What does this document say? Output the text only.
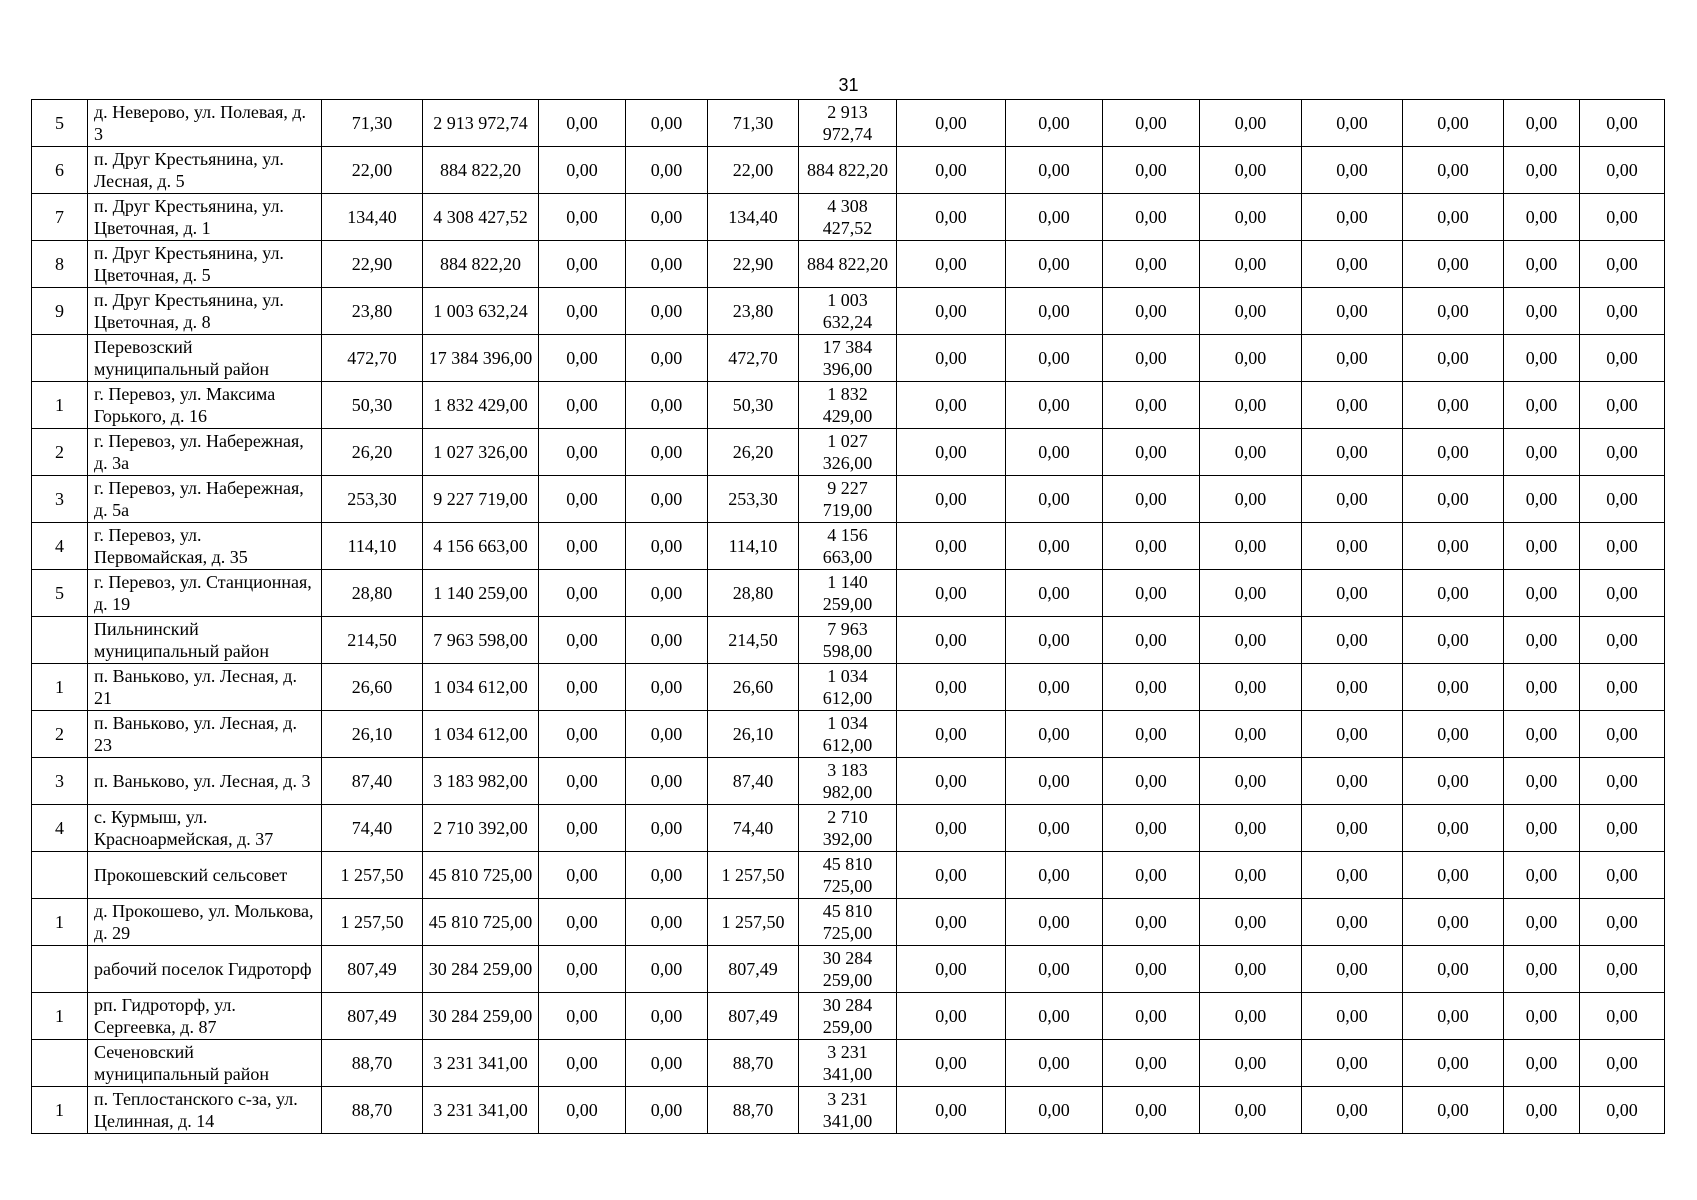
31
5	д. Неверово, ул. Полевая, д. 3	71,30	2 913 972,74	0,00	0,00	71,30	2 913 972,74	0,00	0,00	0,00	0,00	0,00	0,00	0,00	0,00
6	п. Друг Крестьянина, ул. Лесная, д. 5	22,00	884 822,20	0,00	0,00	22,00	884 822,20	0,00	0,00	0,00	0,00	0,00	0,00	0,00	0,00
7	п. Друг Крестьянина, ул. Цветочная, д. 1	134,40	4 308 427,52	0,00	0,00	134,40	4 308 427,52	0,00	0,00	0,00	0,00	0,00	0,00	0,00	0,00
8	п. Друг Крестьянина, ул. Цветочная, д. 5	22,90	884 822,20	0,00	0,00	22,90	884 822,20	0,00	0,00	0,00	0,00	0,00	0,00	0,00	0,00
9	п. Друг Крестьянина, ул. Цветочная, д. 8	23,80	1 003 632,24	0,00	0,00	23,80	1 003 632,24	0,00	0,00	0,00	0,00	0,00	0,00	0,00	0,00
	Перевозский муниципальный район	472,70	17 384 396,00	0,00	0,00	472,70	17 384 396,00	0,00	0,00	0,00	0,00	0,00	0,00	0,00	0,00
1	г. Перевоз, ул. Максима Горького, д. 16	50,30	1 832 429,00	0,00	0,00	50,30	1 832 429,00	0,00	0,00	0,00	0,00	0,00	0,00	0,00	0,00
2	г. Перевоз, ул. Набережная, д. 3а	26,20	1 027 326,00	0,00	0,00	26,20	1 027 326,00	0,00	0,00	0,00	0,00	0,00	0,00	0,00	0,00
3	г. Перевоз, ул. Набережная, д. 5а	253,30	9 227 719,00	0,00	0,00	253,30	9 227 719,00	0,00	0,00	0,00	0,00	0,00	0,00	0,00	0,00
4	г. Перевоз, ул. Первомайская, д. 35	114,10	4 156 663,00	0,00	0,00	114,10	4 156 663,00	0,00	0,00	0,00	0,00	0,00	0,00	0,00	0,00
5	г. Перевоз, ул. Станционная, д. 19	28,80	1 140 259,00	0,00	0,00	28,80	1 140 259,00	0,00	0,00	0,00	0,00	0,00	0,00	0,00	0,00
	Пильнинский муниципальный район	214,50	7 963 598,00	0,00	0,00	214,50	7 963 598,00	0,00	0,00	0,00	0,00	0,00	0,00	0,00	0,00
1	п. Ваньково, ул. Лесная, д. 21	26,60	1 034 612,00	0,00	0,00	26,60	1 034 612,00	0,00	0,00	0,00	0,00	0,00	0,00	0,00	0,00
2	п. Ваньково, ул. Лесная, д. 23	26,10	1 034 612,00	0,00	0,00	26,10	1 034 612,00	0,00	0,00	0,00	0,00	0,00	0,00	0,00	0,00
3	п. Ваньково, ул. Лесная, д. 3	87,40	3 183 982,00	0,00	0,00	87,40	3 183 982,00	0,00	0,00	0,00	0,00	0,00	0,00	0,00	0,00
4	с. Курмыш, ул. Красноармейская, д. 37	74,40	2 710 392,00	0,00	0,00	74,40	2 710 392,00	0,00	0,00	0,00	0,00	0,00	0,00	0,00	0,00
	Прокошевский сельсовет	1 257,50	45 810 725,00	0,00	0,00	1 257,50	45 810 725,00	0,00	0,00	0,00	0,00	0,00	0,00	0,00	0,00
1	д. Прокошево, ул. Молькова, д. 29	1 257,50	45 810 725,00	0,00	0,00	1 257,50	45 810 725,00	0,00	0,00	0,00	0,00	0,00	0,00	0,00	0,00
	рабочий поселок Гидроторф	807,49	30 284 259,00	0,00	0,00	807,49	30 284 259,00	0,00	0,00	0,00	0,00	0,00	0,00	0,00	0,00
1	рп. Гидроторф, ул. Сергеевка, д. 87	807,49	30 284 259,00	0,00	0,00	807,49	30 284 259,00	0,00	0,00	0,00	0,00	0,00	0,00	0,00	0,00
	Сеченовский муниципальный район	88,70	3 231 341,00	0,00	0,00	88,70	3 231 341,00	0,00	0,00	0,00	0,00	0,00	0,00	0,00	0,00
1	п. Теплостанского с-за, ул. Целинная, д. 14	88,70	3 231 341,00	0,00	0,00	88,70	3 231 341,00	0,00	0,00	0,00	0,00	0,00	0,00	0,00	0,00
